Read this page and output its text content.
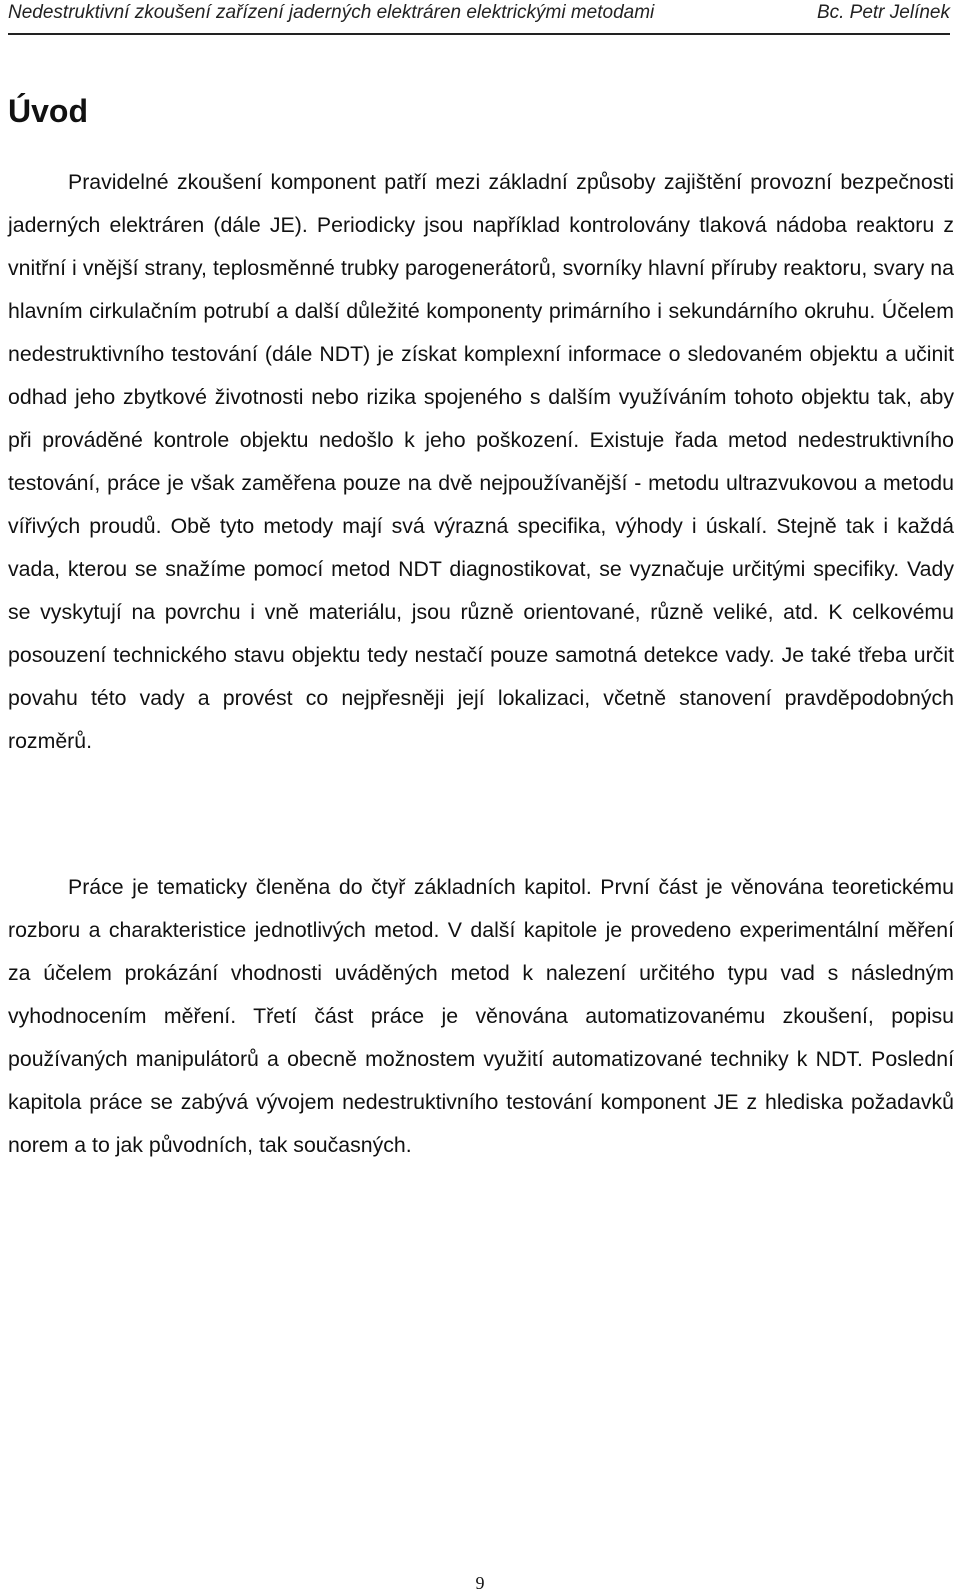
Nedestruktivní zkoušení zařízení jaderných elektráren elektrickými metodami	Bc. Petr Jelínek
Úvod

Pravidelné zkoušení komponent patří mezi základní způsoby zajištění provozní bezpečnosti jaderných elektráren (dále JE). Periodicky jsou například kontrolovány tlaková nádoba reaktoru z vnitřní i vnější strany, teplosměnné trubky parogenerátorů, svorníky hlavní příruby reaktoru, svary na hlavním cirkulačním potrubí a další důležité komponenty primárního i sekundárního okruhu. Účelem nedestruktivního testování (dále NDT) je získat komplexní informace o sledovaném objektu a učinit odhad jeho zbytkové životnosti nebo rizika spojeného s dalším využíváním tohoto objektu tak, aby při prováděné kontrole objektu nedošlo k jeho poškození. Existuje řada metod nedestruktivního testování, práce je však zaměřena pouze na dvě nejpoužívanější - metodu ultrazvukovou a metodu vířivých proudů. Obě tyto metody mají svá výrazná specifika, výhody i úskalí. Stejně tak i každá vada, kterou se snažíme pomocí metod NDT diagnostikovat, se vyznačuje určitými specifiky. Vady se vyskytují na povrchu i vně materiálu, jsou různě orientované, různě veliké, atd. K celkovému posouzení technického stavu objektu tedy nestačí pouze samotná detekce vady. Je také třeba určit povahu této vady a provést co nejpřesněji její lokalizaci, včetně stanovení pravděpodobných rozměrů.

Práce je tematicky členěna do čtyř základních kapitol. První část je věnována teoretickému rozboru a charakteristice jednotlivých metod. V další kapitole je provedeno experimentální měření za účelem prokázání vhodnosti uváděných metod k nalezení určitého typu vad s následným vyhodnocením měření. Třetí část práce je věnována automatizovanému zkoušení, popisu používaných manipulátorů a obecně možnostem využití automatizované techniky k NDT. Poslední kapitola práce se zabývá vývojem nedestruktivního testování komponent JE z hlediska požadavků norem a to jak původních, tak současných.

9
